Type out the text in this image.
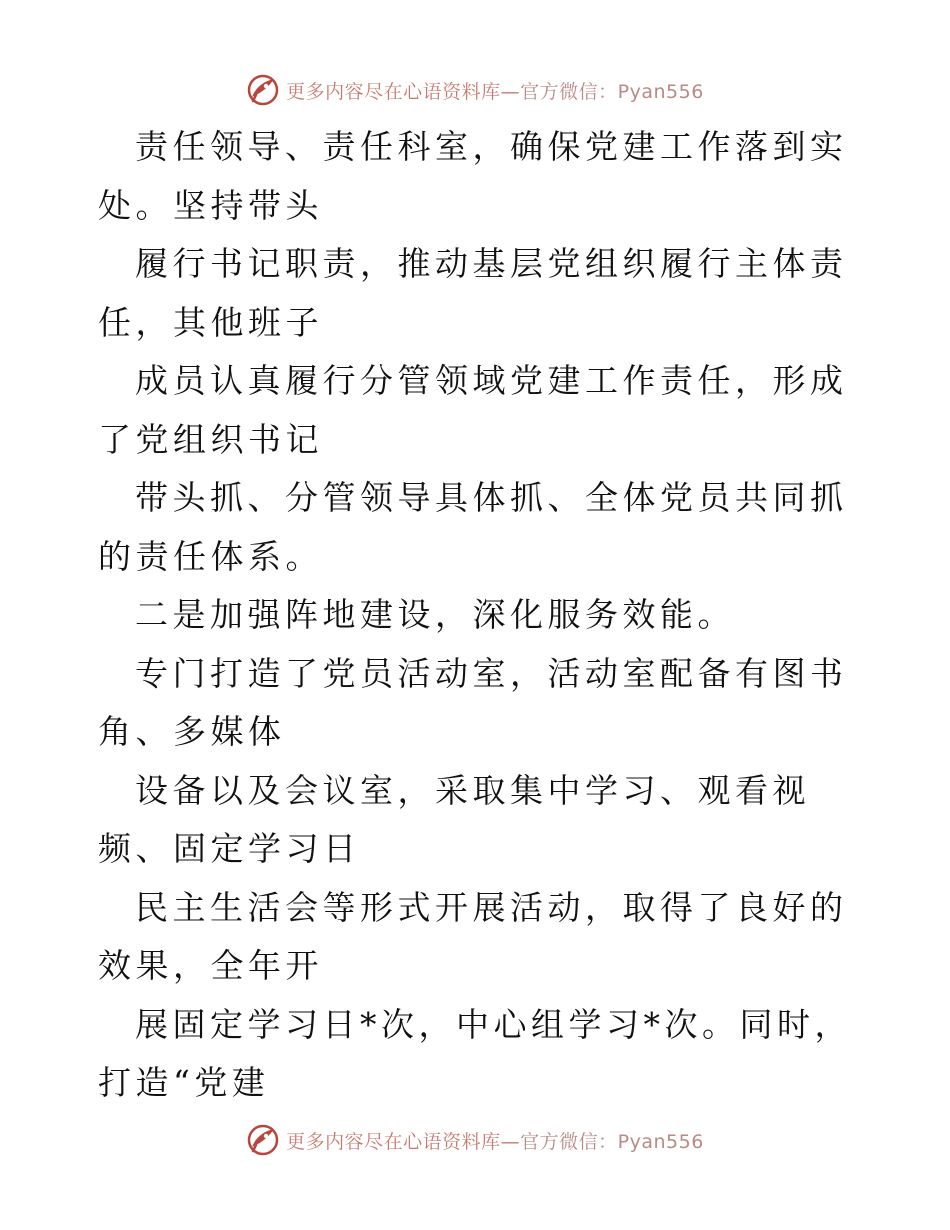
更多内容尽在心语资料库—官方微信：Pyan556

责任领导、责任科室，确保党建工作落到实处。坚持带头

履行书记职责，推动基层党组织履行主体责任，其他班子

成员认真履行分管领域党建工作责任，形成了党组织书记

带头抓、分管领导具体抓、全体党员共同抓的责任体系。

二是加强阵地建设，深化服务效能。

专门打造了党员活动室，活动室配备有图书角、多媒体

设备以及会议室，采取集中学习、观看视频、固定学习日

民主生活会等形式开展活动，取得了良好的效果，全年开

展固定学习日*次，中心组学习*次。同时，打造“党建

更多内容尽在心语资料库—官方微信：Pyan556
